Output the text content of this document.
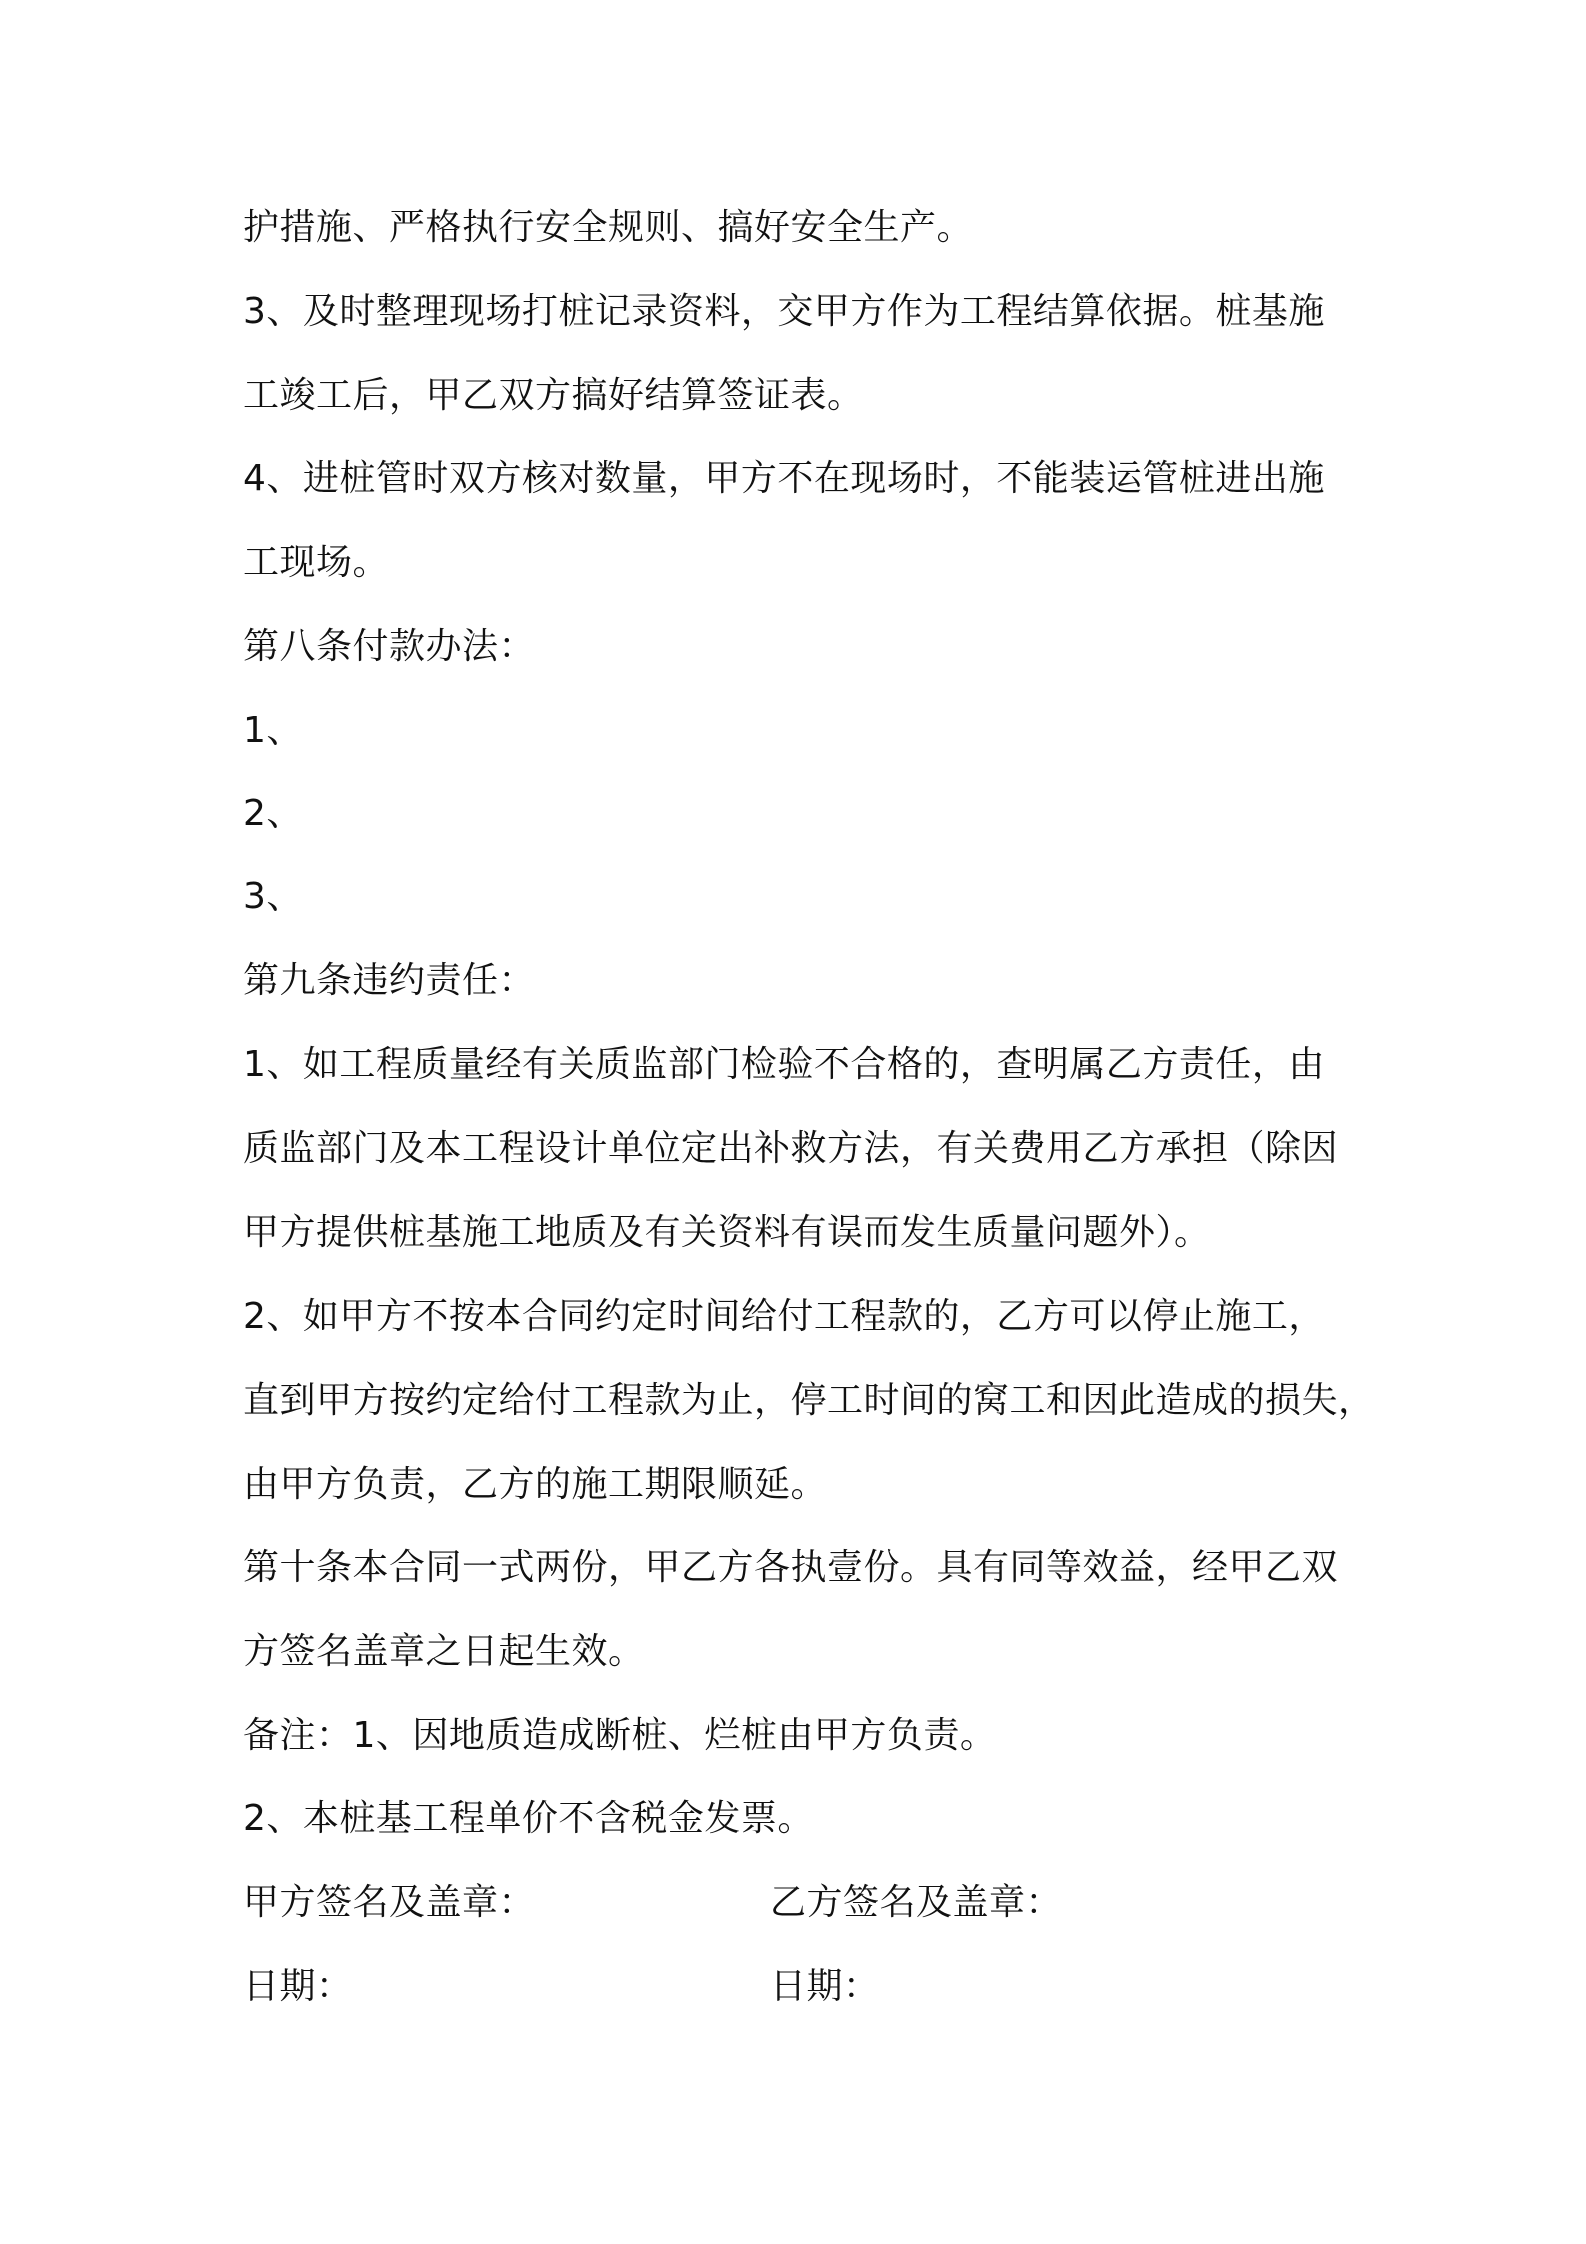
护措施、严格执行安全规则、搞好安全生产。
3、及时整理现场打桩记录资料，交甲方作为工程结算依据。桩基施
工竣工后，甲乙双方搞好结算签证表。
4、进桩管时双方核对数量，甲方不在现场时，不能装运管桩进出施
工现场。
第八条付款办法：
1、
2、
3、
第九条违约责任：
1、如工程质量经有关质监部门检验不合格的，查明属乙方责任，由
质监部门及本工程设计单位定出补救方法，有关费用乙方承担（除因
甲方提供桩基施工地质及有关资料有误而发生质量问题外）。
2、如甲方不按本合同约定时间给付工程款的，乙方可以停止施工，
直到甲方按约定给付工程款为止，停工时间的窝工和因此造成的损失，
由甲方负责，乙方的施工期限顺延。
第十条本合同一式两份，甲乙方各执壹份。具有同等效益，经甲乙双
方签名盖章之日起生效。
备注：1、因地质造成断桩、烂桩由甲方负责。
2、本桩基工程单价不含税金发票。
甲方签名及盖章：	乙方签名及盖章：
日期：	日期：
